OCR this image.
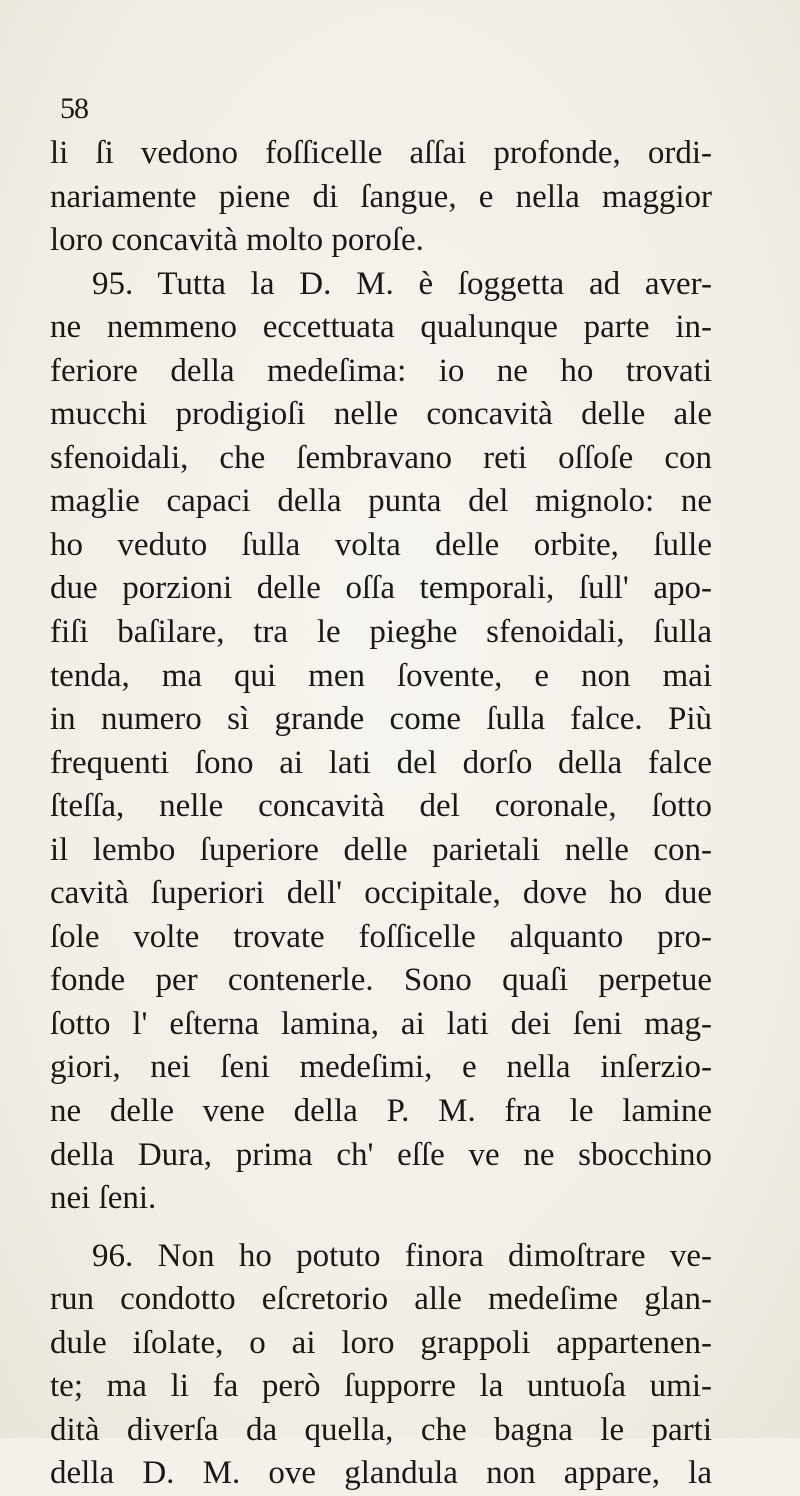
58
li ſi vedono foſſicelle aſſai profonde, ordi-
nariamente piene di ſangue, e nella maggior
loro concavità molto poroſe.
95. Tutta la D. M. è ſoggetta ad aver-
ne nemmeno eccettuata qualunque parte in-
feriore della medeſima: io ne ho trovati
mucchi prodigioſi nelle concavità delle ale
sfenoidali, che ſembravano reti oſſoſe con
maglie capaci della punta del mignolo: ne
ho veduto ſulla volta delle orbite, ſulle
due porzioni delle oſſa temporali, ſull' apo-
fiſi baſilare, tra le pieghe sfenoidali, ſulla
tenda, ma qui men ſovente, e non mai
in numero sì grande come ſulla falce. Più
frequenti ſono ai lati del dorſo della falce
ſteſſa, nelle concavità del coronale, ſotto
il lembo ſuperiore delle parietali nelle con-
cavità ſuperiori dell' occipitale, dove ho due
ſole volte trovate foſſicelle alquanto pro-
fonde per contenerle. Sono quaſi perpetue
ſotto l' eſterna lamina, ai lati dei ſeni mag-
giori, nei ſeni medeſimi, e nella inſerzio-
ne delle vene della P. M. fra le lamine
della Dura, prima ch' eſſe ve ne sbocchino
nei ſeni.
96. Non ho potuto finora dimoſtrare ve-
run condotto eſcretorio alle medeſime glan-
dule iſolate, o ai loro grappoli appartenen-
te; ma li fa però ſupporre la untuoſa umi-
dità diverſa da quella, che bagna le parti
della D. M. ove glandula non appare, la
